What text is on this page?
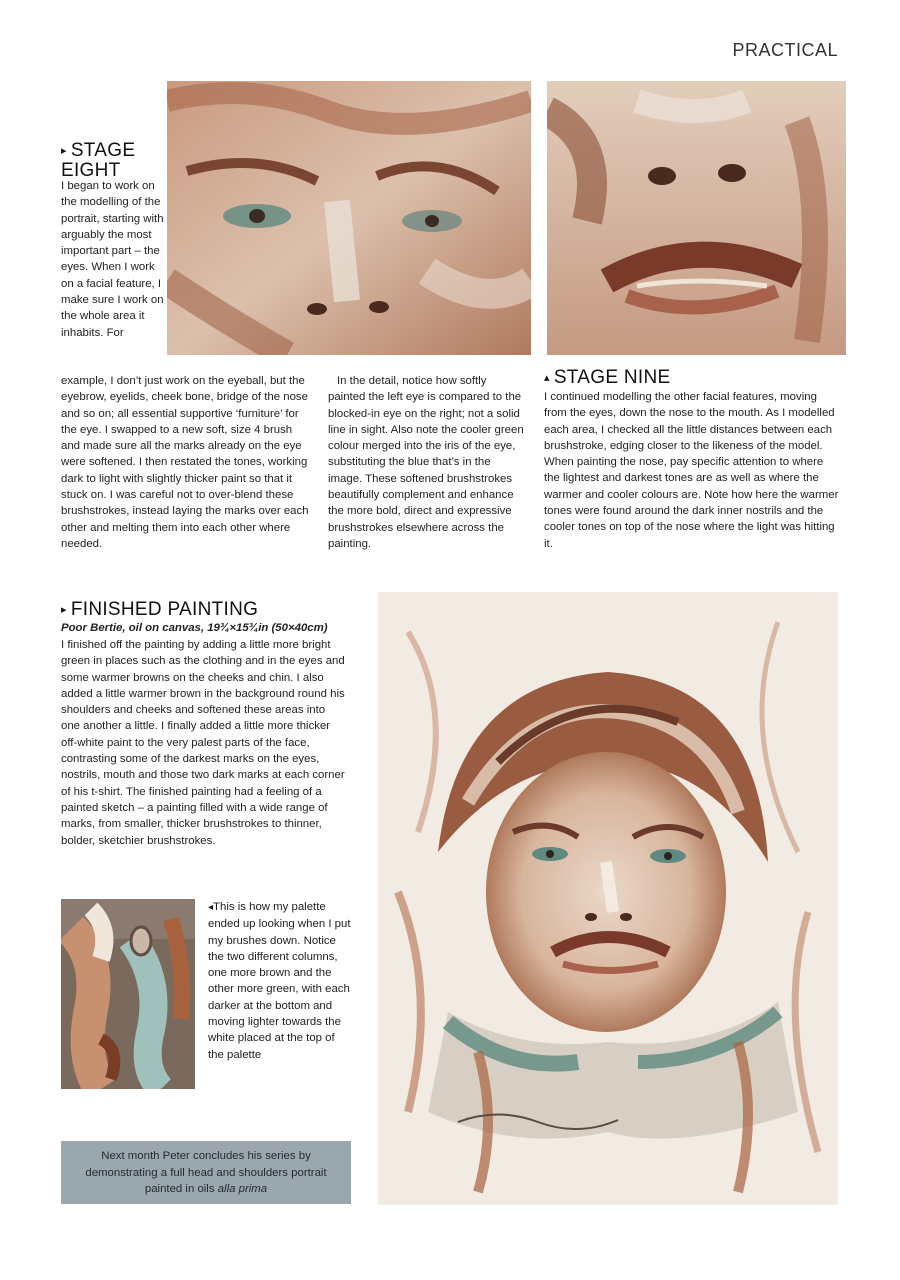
PRACTICAL
▸ STAGE
EIGHT
I began to work on the modelling of the portrait, starting with arguably the most important part – the eyes. When I work on a facial feature, I make sure I work on the whole area it inhabits. For
example, I don’t just work on the eyeball, but the eyebrow, eyelids, cheek bone, bridge of the nose and so on; all essential supportive ‘furniture’ for the eye. I swapped to a new soft, size 4 brush and made sure all the marks already on the eye were softened. I then restated the tones, working dark to light with slightly thicker paint so that it stuck on. I was careful not to over-blend these brushstrokes, instead laying the marks over each other and melting them into each other where needed.
In the detail, notice how softly painted the left eye is compared to the blocked-in eye on the right; not a solid line in sight. Also note the cooler green colour merged into the iris of the eye, substituting the blue that’s in the image. These softened brushstrokes beautifully complement and enhance the more bold, direct and expressive brushstrokes elsewhere across the painting.
▴ STAGE NINE
I continued modelling the other facial features, moving from the eyes, down the nose to the mouth. As I modelled each area, I checked all the little distances between each brushstroke, edging closer to the likeness of the model. When painting the nose, pay specific attention to where the lightest and darkest tones are as well as where the warmer and cooler colours are. Note how here the warmer tones were found around the dark inner nostrils and the cooler tones on top of the nose where the light was hitting it.
▸ FINISHED PAINTING
Poor Bertie, oil on canvas, 19¾×15¾in (50×40cm)
I finished off the painting by adding a little more bright green in places such as the clothing and in the eyes and some warmer browns on the cheeks and chin. I also added a little warmer brown in the background round his shoulders and cheeks and softened these areas into one another a little. I finally added a little more thicker off-white paint to the very palest parts of the face, contrasting some of the darkest marks on the eyes, nostrils, mouth and those two dark marks at each corner of his t-shirt. The finished painting had a feeling of a painted sketch – a painting filled with a wide range of marks, from smaller, thicker brushstrokes to thinner, bolder, sketchier brushstrokes.
◂This is how my palette ended up looking when I put my brushes down. Notice the two different columns, one more brown and the other more green, with each darker at the bottom and moving lighter towards the white placed at the top of the palette
Next month Peter concludes his series by demonstrating a full head and shoulders portrait painted in oils alla prima
